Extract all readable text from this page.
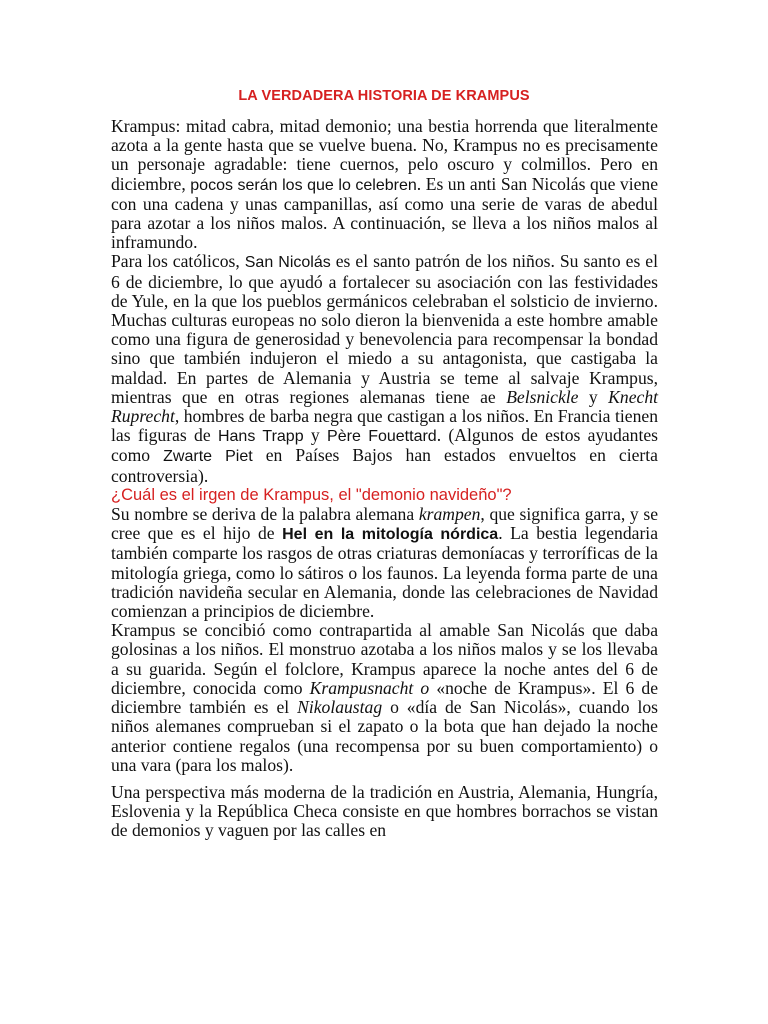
LA VERDADERA HISTORIA DE KRAMPUS

Krampus: mitad cabra, mitad demonio; una bestia horrenda que literalmente azota a la gente hasta que se vuelve buena. No, Krampus no es precisamente un personaje agradable: tiene cuernos, pelo oscuro y colmillos. Pero en diciembre, pocos serán los que lo celebren. Es un anti San Nicolás que viene con una cadena y unas campanillas, así como una serie de varas de abedul para azotar a los niños malos. A continuación, se lleva a los niños malos al inframundo.

Para los católicos, San Nicolás es el santo patrón de los niños. Su santo es el 6 de diciembre, lo que ayudó a fortalecer su asociación con las festividades de Yule, en la que los pueblos germánicos celebraban el solsticio de invierno. Muchas culturas europeas no solo dieron la bienvenida a este hombre amable como una figura de generosidad y benevolencia para recompensar la bondad sino que también indujeron el miedo a su antagonista, que castigaba la maldad. En partes de Alemania y Austria se teme al salvaje Krampus, mientras que en otras regiones alemanas tiene ae Belsnickle y Knecht Ruprecht, hombres de barba negra que castigan a los niños. En Francia tienen las figuras de Hans Trapp y Père Fouettard. (Algunos de estos ayudantes como Zwarte Piet en Países Bajos han estados envueltos en cierta controversia).

¿Cuál es el irgen de Krampus, el "demonio navideño"?

Su nombre se deriva de la palabra alemana krampen, que significa garra, y se cree que es el hijo de Hel en la mitología nórdica. La bestia legendaria también comparte los rasgos de otras criaturas demoníacas y terroríficas de la mitología griega, como lo sátiros o los faunos. La leyenda forma parte de una tradición navideña secular en Alemania, donde las celebraciones de Navidad comienzan a principios de diciembre.

Krampus se concibió como contrapartida al amable San Nicolás que daba golosinas a los niños. El monstruo azotaba a los niños malos y se los llevaba a su guarida. Según el folclore, Krampus aparece la noche antes del 6 de diciembre, conocida como Krampusnacht o «noche de Krampus». El 6 de diciembre también es el Nikolaustag o «día de San Nicolás», cuando los niños alemanes comprueban si el zapato o la bota que han dejado la noche anterior contiene regalos (una recompensa por su buen comportamiento) o una vara (para los malos).

Una perspectiva más moderna de la tradición en Austria, Alemania, Hungría, Eslovenia y la República Checa consiste en que hombres borrachos se vistan de demonios y vaguen por las calles en
